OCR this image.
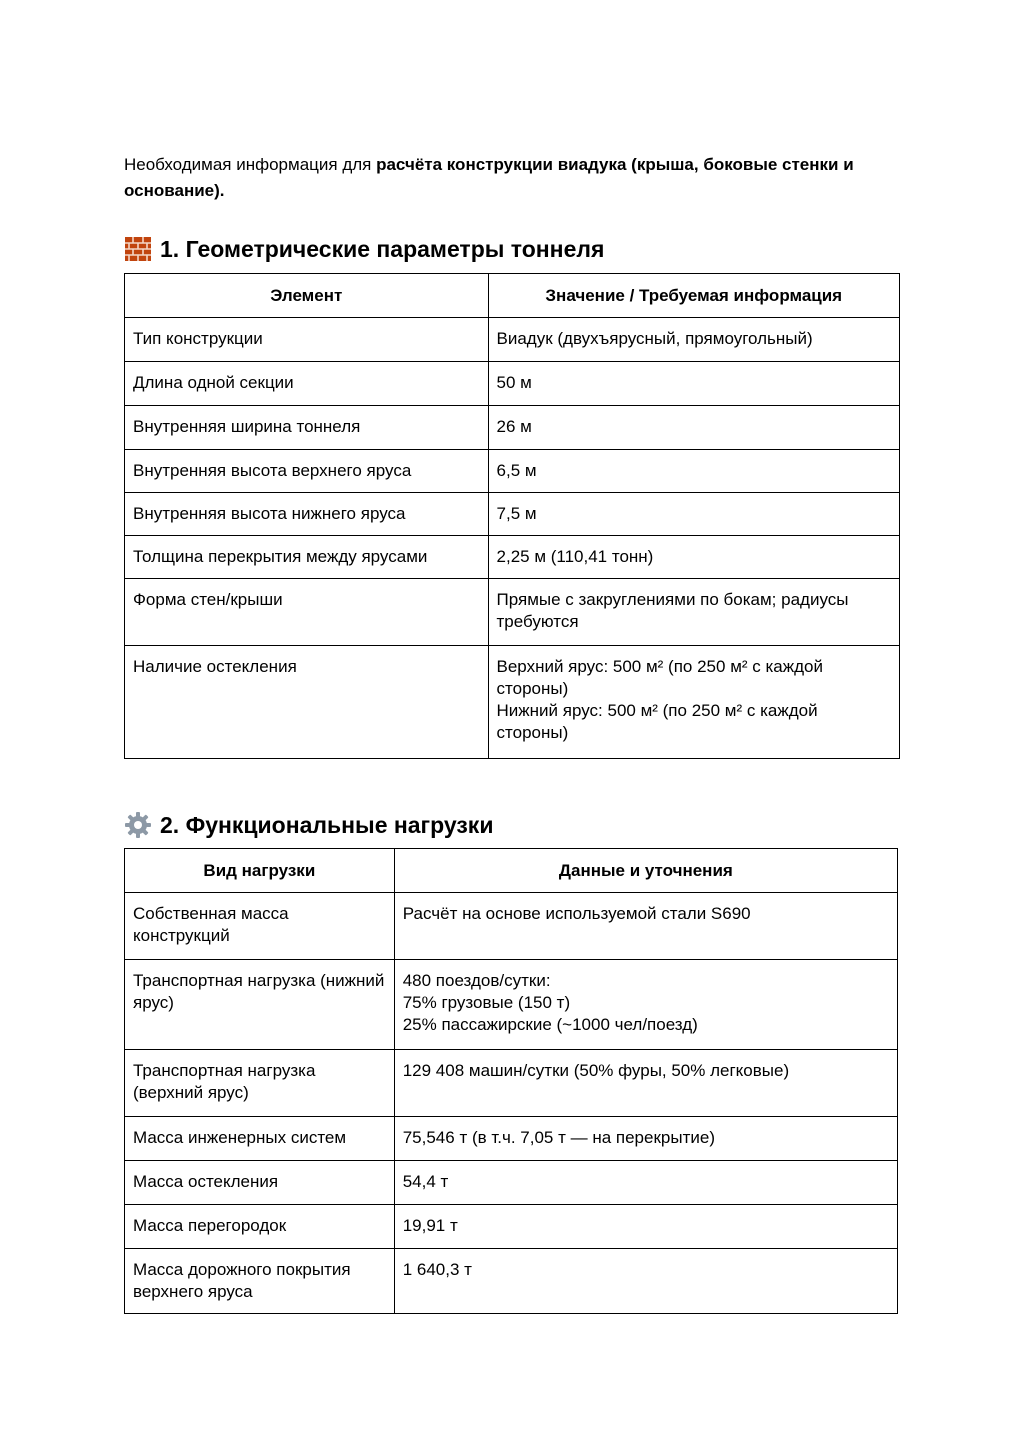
Необходимая информация для расчёта конструкции виадука (крыша, боковые стенки и основание).
1. Геометрические параметры тоннеля
Элемент	Значение / Требуемая информация
Тип конструкции	Виадук (двухъярусный, прямоугольный)

Длина одной секции	50 м

Внутренняя ширина тоннеля	26 м

Внутренняя высота верхнего яруса	6,5 м

Внутренняя высота нижнего яруса	7,5 м

Толщина перекрытия между ярусами	2,25 м (110,41 тонн)

Форма стен/крыши	Прямые с закруглениями по бокам; радиусы требуются

Наличие остекления	Верхний ярус: 500 м² (по 250 м² с каждой стороны)
Нижний ярус: 500 м² (по 250 м² с каждой стороны)
2. Функциональные нагрузки
Вид нагрузки	Данные и уточнения
Собственная масса конструкций	Расчёт на основе используемой стали S690

Транспортная нагрузка (нижний ярус)	480 поездов/сутки:
75% грузовые (150 т)
25% пассажирские (~1000 чел/поезд)

Транспортная нагрузка (верхний ярус)	129 408 машин/сутки (50% фуры, 50% легковые)

Масса инженерных систем	75,546 т (в т.ч. 7,05 т — на перекрытие)

Масса остекления	54,4 т

Масса перегородок	19,91 т

Масса дорожного покрытия верхнего яруса	1 640,3 т
